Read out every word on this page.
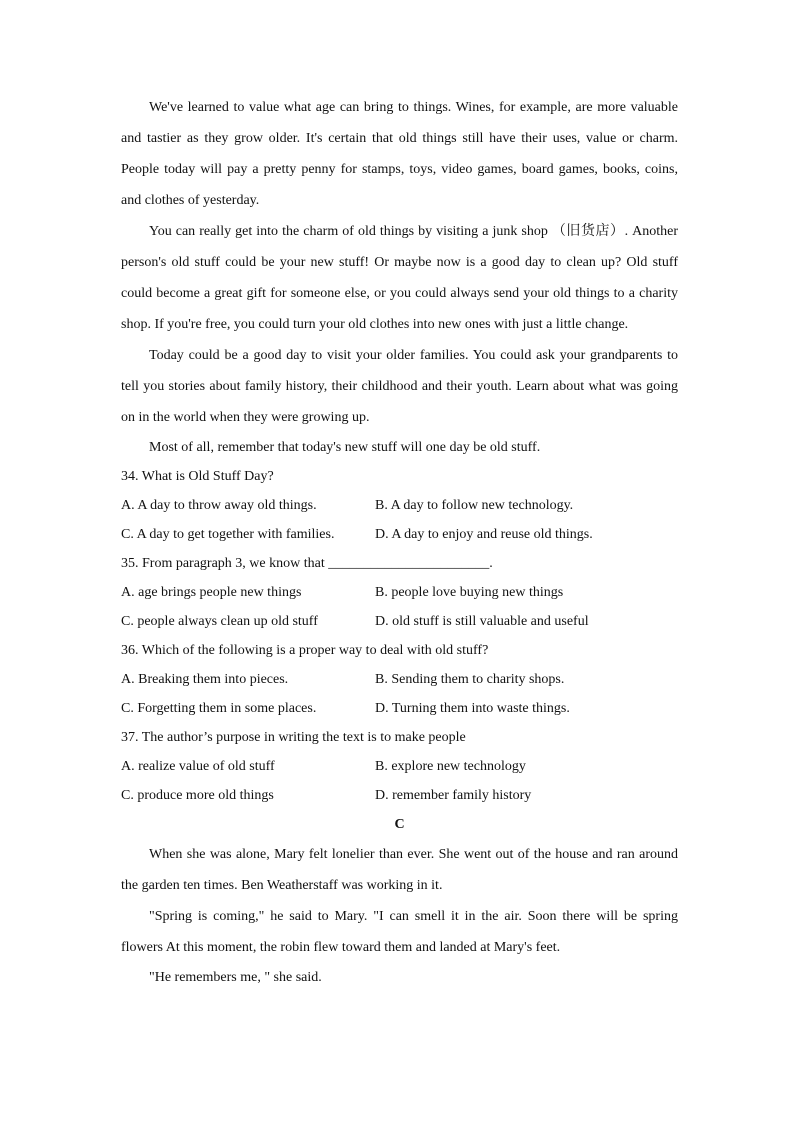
We've learned to value what age can bring to things. Wines, for example, are more valuable and tastier as they grow older. It's certain that old things still have their uses, value or charm. People today will pay a pretty penny for stamps, toys, video games, board games, books, coins, and clothes of yesterday.

You can really get into the charm of old things by visiting a junk shop （旧货店）. Another person's old stuff could be your new stuff! Or maybe now is a good day to clean up? Old stuff could become a great gift for someone else, or you could always send your old things to a charity shop. If you're free, you could turn your old clothes into new ones with just a little change.

Today could be a good day to visit your older families. You could ask your grandparents to tell you stories about family history, their childhood and their youth. Learn about what was going on in the world when they were growing up.

Most of all, remember that today's new stuff will one day be old stuff.

34. What is Old Stuff Day?

A. A day to throw away old things.	B. A day to follow new technology.
C. A day to get together with families.	D. A day to enjoy and reuse old things.

35. From paragraph 3, we know that _______________________.

A. age brings people new things	B. people love buying new things
C. people always clean up old stuff	D. old stuff is still valuable and useful

36. Which of the following is a proper way to deal with old stuff?

A. Breaking them into pieces.	B. Sending them to charity shops.
C. Forgetting them in some places.	D. Turning them into waste things.

37. The author’s purpose in writing the text is to make people

A. realize value of old stuff	B. explore new technology
C. produce more old things	D. remember family history

C

When she was alone, Mary felt lonelier than ever. She went out of the house and ran around the garden ten times. Ben Weatherstaff was working in it.

"Spring is coming," he said to Mary. "I can smell it in the air. Soon there will be spring flowers At this moment, the robin flew toward them and landed at Mary's feet.

"He remembers me, " she said.
